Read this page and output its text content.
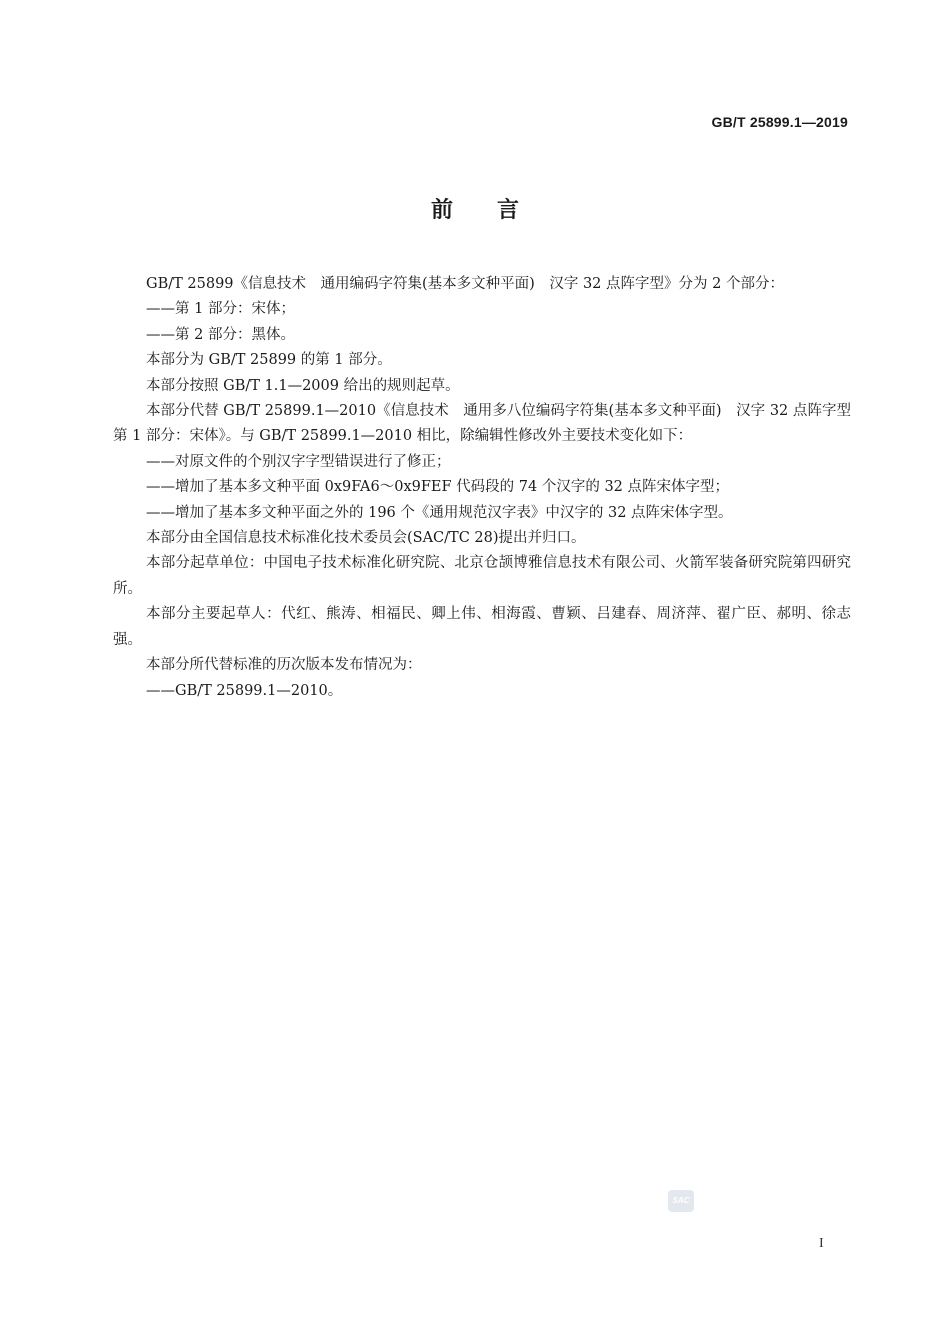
GB/T 25899.1—2019
前言

GB/T 25899《信息技术　通用编码字符集(基本多文种平面)　汉字 32 点阵字型》分为 2 个部分：

——第 1 部分：宋体；

——第 2 部分：黑体。

本部分为 GB/T 25899 的第 1 部分。

本部分按照 GB/T 1.1—2009 给出的规则起草。

本部分代替 GB/T 25899.1—2010《信息技术　通用多八位编码字符集(基本多文种平面)　汉字 32 点阵字型　第 1 部分：宋体》。与 GB/T 25899.1—2010 相比，除编辑性修改外主要技术变化如下：

——对原文件的个别汉字字型错误进行了修正；

——增加了基本多文种平面 0x9FA6～0x9FEF 代码段的 74 个汉字的 32 点阵宋体字型；

——增加了基本多文种平面之外的 196 个《通用规范汉字表》中汉字的 32 点阵宋体字型。

本部分由全国信息技术标准化技术委员会(SAC/TC 28)提出并归口。

本部分起草单位：中国电子技术标准化研究院、北京仓颉博雅信息技术有限公司、火箭军装备研究院第四研究所。

本部分主要起草人：代红、熊涛、相福民、卿上伟、相海霞、曹颖、吕建春、周济萍、翟广臣、郝明、徐志强。

本部分所代替标准的历次版本发布情况为：

——GB/T 25899.1—2010。

SAC
I
